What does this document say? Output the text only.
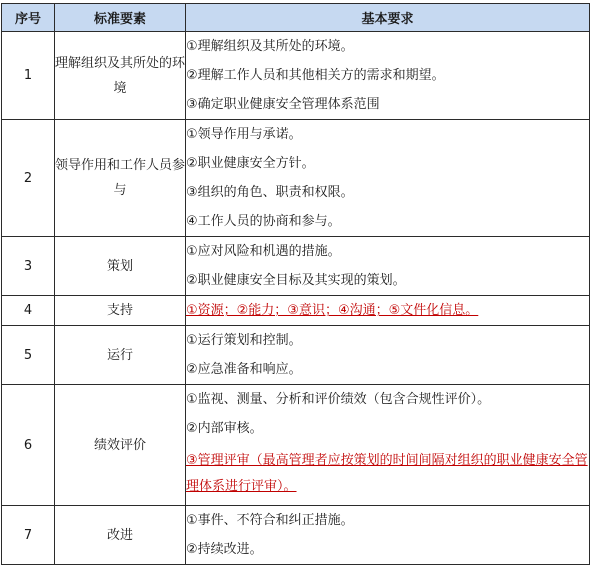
序号	标准要素	基本要求
1	理解组织及其所处的环境	①理解组织及其所处的环境。
②理解工作人员和其他相关方的需求和期望。
③确定职业健康安全管理体系范围

2	领导作用和工作人员参与	①领导作用与承诺。
②职业健康安全方针。
③组织的角色、职责和权限。
④工作人员的协商和参与。

3	策划	①应对风险和机遇的措施。
②职业健康安全目标及其实现的策划。

4	支持	①资源；②能力；③意识；④沟通；⑤文件化信息。

5	运行	①运行策划和控制。
②应急准备和响应。

6	绩效评价	①监视、测量、分析和评价绩效（包含合规性评价）。
②内部审核。
③管理评审（最高管理者应按策划的时间间隔对组织的职业健康安全管理体系进行评审）。

7	改进	①事件、不符合和纠正措施。
②持续改进。
